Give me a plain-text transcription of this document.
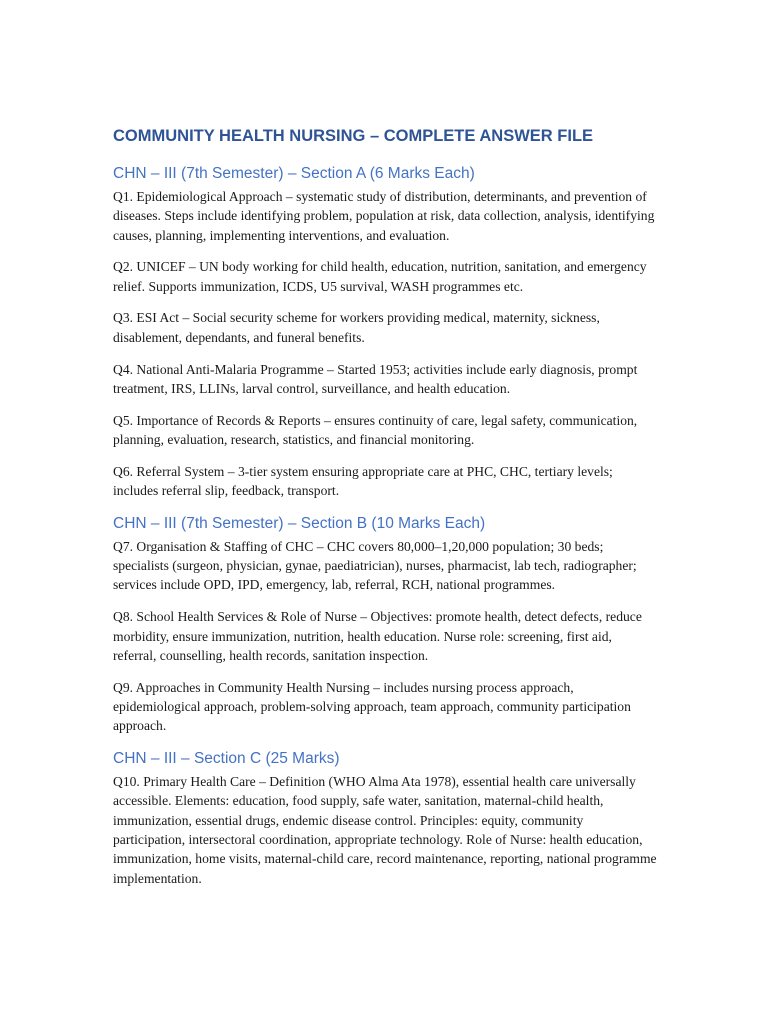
COMMUNITY HEALTH NURSING – COMPLETE ANSWER FILE
CHN – III (7th Semester) – Section A (6 Marks Each)

Q1. Epidemiological Approach – systematic study of distribution, determinants, and prevention of diseases. Steps include identifying problem, population at risk, data collection, analysis, identifying causes, planning, implementing interventions, and evaluation.

Q2. UNICEF – UN body working for child health, education, nutrition, sanitation, and emergency relief. Supports immunization, ICDS, U5 survival, WASH programmes etc.

Q3. ESI Act – Social security scheme for workers providing medical, maternity, sickness, disablement, dependants, and funeral benefits.

Q4. National Anti-Malaria Programme – Started 1953; activities include early diagnosis, prompt treatment, IRS, LLINs, larval control, surveillance, and health education.

Q5. Importance of Records & Reports – ensures continuity of care, legal safety, communication, planning, evaluation, research, statistics, and financial monitoring.

Q6. Referral System – 3-tier system ensuring appropriate care at PHC, CHC, tertiary levels; includes referral slip, feedback, transport.

CHN – III (7th Semester) – Section B (10 Marks Each)

Q7. Organisation & Staffing of CHC – CHC covers 80,000–1,20,000 population; 30 beds; specialists (surgeon, physician, gynae, paediatrician), nurses, pharmacist, lab tech, radiographer; services include OPD, IPD, emergency, lab, referral, RCH, national programmes.

Q8. School Health Services & Role of Nurse – Objectives: promote health, detect defects, reduce morbidity, ensure immunization, nutrition, health education. Nurse role: screening, first aid, referral, counselling, health records, sanitation inspection.

Q9. Approaches in Community Health Nursing – includes nursing process approach, epidemiological approach, problem-solving approach, team approach, community participation approach.

CHN – III – Section C (25 Marks)

Q10. Primary Health Care – Definition (WHO Alma Ata 1978), essential health care universally accessible. Elements: education, food supply, safe water, sanitation, maternal-child health, immunization, essential drugs, endemic disease control. Principles: equity, community participation, intersectoral coordination, appropriate technology. Role of Nurse: health education, immunization, home visits, maternal-child care, record maintenance, reporting, national programme implementation.
